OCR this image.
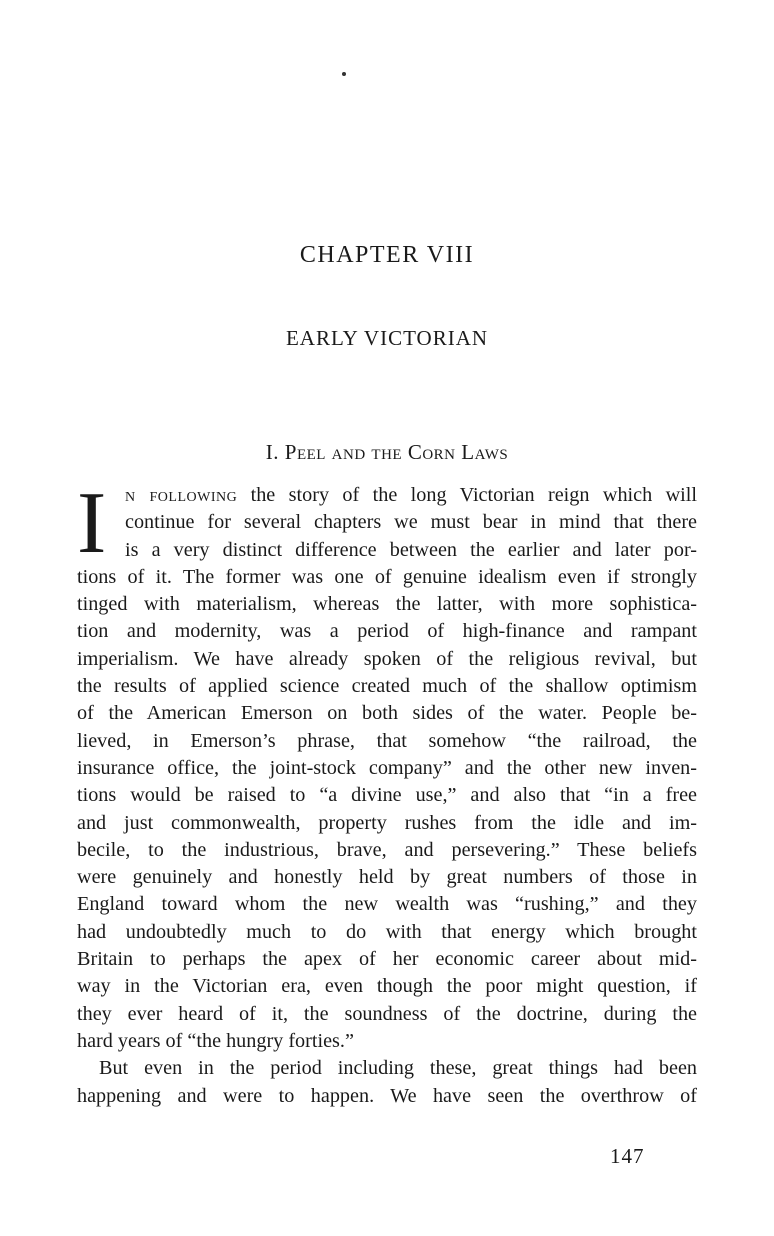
CHAPTER VIII
EARLY VICTORIAN
I. Peel and the Corn Laws
I n following the story of the long Victorian reign which will
continue for several chapters we must bear in mind that there
is a very distinct difference between the earlier and later por-
tions of it. The former was one of genuine idealism even if strongly
tinged with materialism, whereas the latter, with more sophistica-
tion and modernity, was a period of high-finance and rampant
imperialism. We have already spoken of the religious revival, but
the results of applied science created much of the shallow optimism
of the American Emerson on both sides of the water. People be-
lieved, in Emerson’s phrase, that somehow “the railroad, the
insurance office, the joint-stock company” and the other new inven-
tions would be raised to “a divine use,” and also that “in a free
and just commonwealth, property rushes from the idle and im-
becile, to the industrious, brave, and persevering.” These beliefs
were genuinely and honestly held by great numbers of those in
England toward whom the new wealth was “rushing,” and they
had undoubtedly much to do with that energy which brought
Britain to perhaps the apex of her economic career about mid-
way in the Victorian era, even though the poor might question, if
they ever heard of it, the soundness of the doctrine, during the
hard years of “the hungry forties.”
But even in the period including these, great things had been
happening and were to happen. We have seen the overthrow of
147
